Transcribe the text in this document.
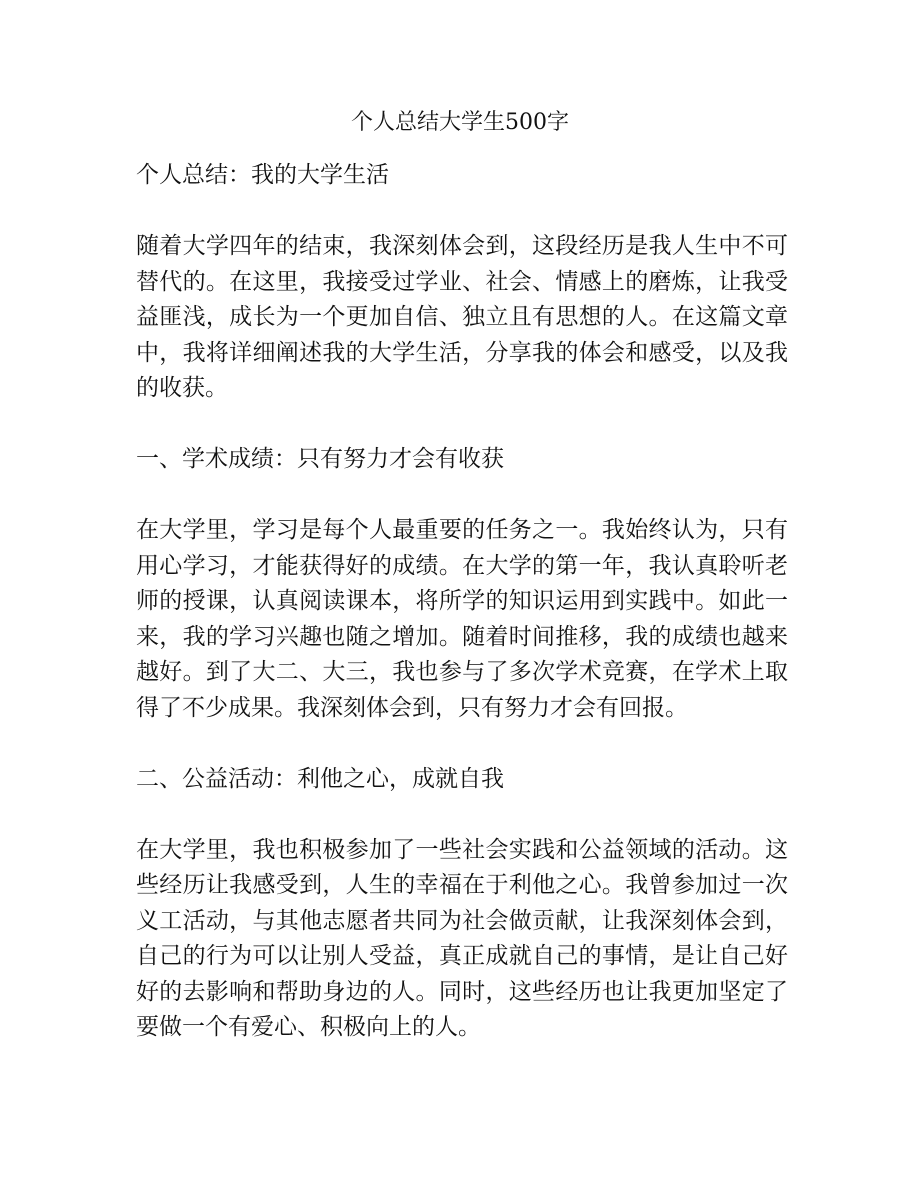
个人总结大学生500字

个人总结：我的大学生活

随着大学四年的结束，我深刻体会到，这段经历是我人生中不可替代的。在这里，我接受过学业、社会、情感上的磨炼，让我受益匪浅，成长为一个更加自信、独立且有思想的人。在这篇文章中，我将详细阐述我的大学生活，分享我的体会和感受，以及我的收获。

一、学术成绩：只有努力才会有收获

在大学里，学习是每个人最重要的任务之一。我始终认为，只有用心学习，才能获得好的成绩。在大学的第一年，我认真聆听老师的授课，认真阅读课本，将所学的知识运用到实践中。如此一来，我的学习兴趣也随之增加。随着时间推移，我的成绩也越来越好。到了大二、大三，我也参与了多次学术竞赛，在学术上取得了不少成果。我深刻体会到，只有努力才会有回报。

二、公益活动：利他之心，成就自我

在大学里，我也积极参加了一些社会实践和公益领域的活动。这些经历让我感受到，人生的幸福在于利他之心。我曾参加过一次义工活动，与其他志愿者共同为社会做贡献，让我深刻体会到，自己的行为可以让别人受益，真正成就自己的事情，是让自己好好的去影响和帮助身边的人。同时，这些经历也让我更加坚定了要做一个有爱心、积极向上的人。
